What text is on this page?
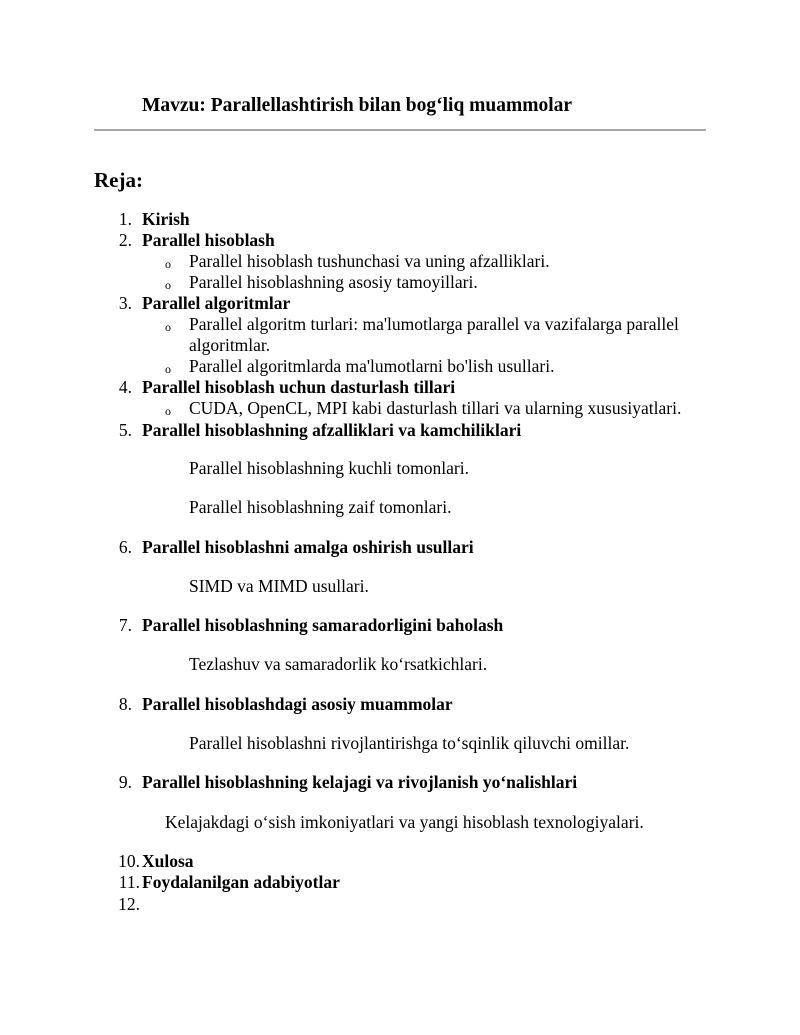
Mavzu: Parallellashtirish bilan bog‘liq muammolar
Reja:
1. Kirish
2. Parallel hisoblash
o Parallel hisoblash tushunchasi va uning afzalliklari.
o Parallel hisoblashning asosiy tamoyillari.
3. Parallel algoritmlar
o Parallel algoritm turlari: ma'lumotlarga parallel va vazifalarga parallel
algoritmlar.
o Parallel algoritmlarda ma'lumotlarni bo'lish usullari.
4. Parallel hisoblash uchun dasturlash tillari
o CUDA, OpenCL, MPI kabi dasturlash tillari va ularning xususiyatlari.
5. Parallel hisoblashning afzalliklari va kamchiliklari
Parallel hisoblashning kuchli tomonlari.
Parallel hisoblashning zaif tomonlari.
6. Parallel hisoblashni amalga oshirish usullari
SIMD va MIMD usullari.
7. Parallel hisoblashning samaradorligini baholash
Tezlashuv va samaradorlik ko‘rsatkichlari.
8. Parallel hisoblashdagi asosiy muammolar
Parallel hisoblashni rivojlantirishga to‘sqinlik qiluvchi omillar.
9. Parallel hisoblashning kelajagi va rivojlanish yo‘nalishlari
Kelajakdagi o‘sish imkoniyatlari va yangi hisoblash texnologiyalari.
10. Xulosa
11. Foydalanilgan adabiyotlar
12.
